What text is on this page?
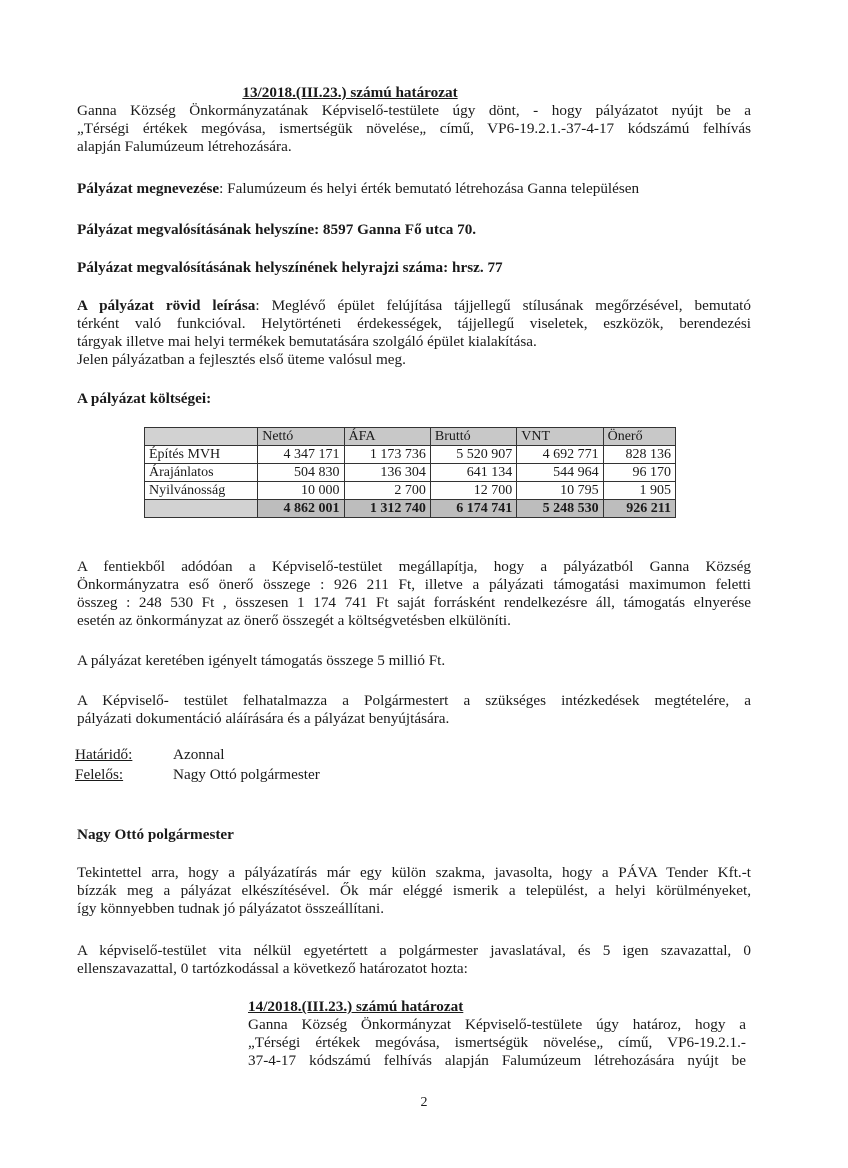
13/2018.(III.23.) számú határozat
Ganna Község Önkormányzatának Képviselő-testülete úgy dönt, - hogy pályázatot nyújt be a
„Térségi értékek megóvása, ismertségük növelése„ című, VP6-19.2.1.-37-4-17 kódszámú felhívás
alapján Falumúzeum létrehozására.
Pályázat megnevezése: Falumúzeum és helyi érték bemutató létrehozása Ganna településen
Pályázat megvalósításának helyszíne: 8597 Ganna Fő utca 70.
Pályázat megvalósításának helyszínének helyrajzi száma: hrsz. 77
A pályázat rövid leírása: Meglévő épület felújítása tájjellegű stílusának megőrzésével, bemutató
térként való funkcióval. Helytörténeti érdekességek, tájjellegű viseletek, eszközök, berendezési
tárgyak illetve mai helyi termékek bemutatására szolgáló épület kialakítása.
Jelen pályázatban a fejlesztés első üteme valósul meg.
A pályázat költségei:
	Nettó	ÁFA	Bruttó	VNT	Önerő
Építés MVH	4 347 171	1 173 736	5 520 907	4 692 771	828 136
Árajánlatos	504 830	136 304	641 134	544 964	96 170
Nyilvánosság	10 000	2 700	12 700	10 795	1 905
	4 862 001	1 312 740	6 174 741	5 248 530	926 211
A fentiekből adódóan a Képviselő-testület megállapítja, hogy a pályázatból Ganna Község
Önkormányzatra eső önerő összege : 926 211 Ft, illetve a pályázati támogatási maximumon feletti
összeg : 248 530 Ft , összesen 1 174 741 Ft saját forrásként rendelkezésre áll, támogatás elnyerése
esetén az önkormányzat az önerő összegét a költségvetésben elkülöníti.
A pályázat keretében igényelt támogatás összege 5 millió Ft.
A Képviselő- testület felhatalmazza a Polgármestert a szükséges intézkedések megtételére, a
pályázati dokumentáció aláírására és a pályázat benyújtására.
Határidő:	Azonnal
Felelős:	Nagy Ottó polgármester
Nagy Ottó polgármester
Tekintettel arra, hogy a pályázatírás már egy külön szakma, javasolta, hogy a PÁVA Tender Kft.-t
bízzák meg a pályázat elkészítésével. Ők már eléggé ismerik a települést, a helyi körülményeket,
így könnyebben tudnak jó pályázatot összeállítani.
A képviselő-testület vita nélkül egyetértett a polgármester javaslatával, és 5 igen szavazattal, 0
ellenszavazattal, 0 tartózkodással a következő határozatot hozta:
14/2018.(III.23.) számú határozat
Ganna Község Önkormányzat Képviselő-testülete úgy határoz, hogy a
„Térségi értékek megóvása, ismertségük növelése„ című, VP6-19.2.1.-
37-4-17 kódszámú felhívás alapján Falumúzeum létrehozására nyújt be
2
